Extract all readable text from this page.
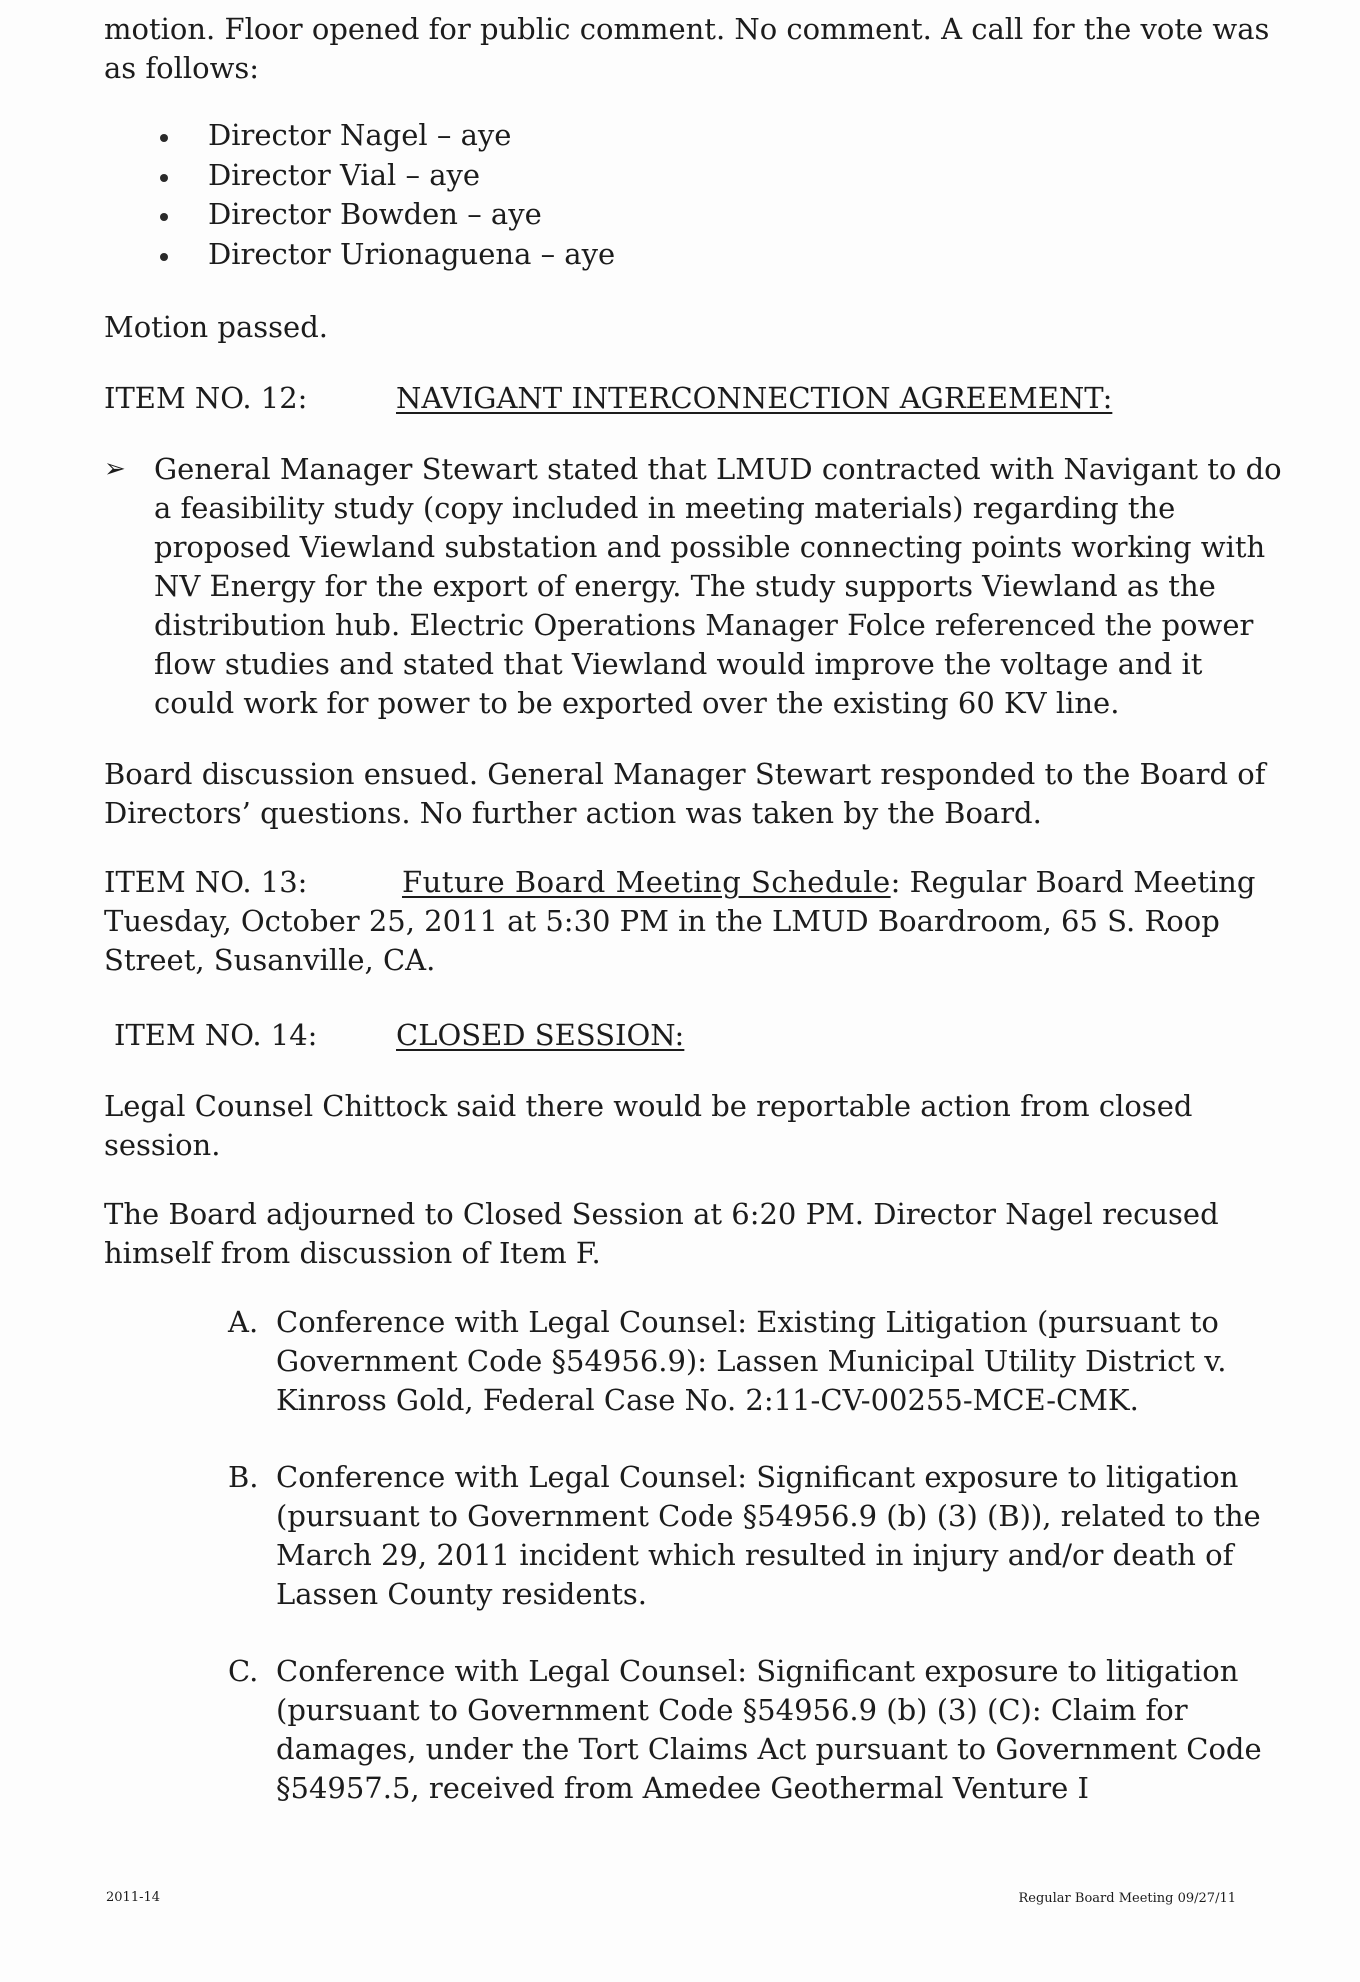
motion. Floor opened for public comment. No comment. A call for the vote was as follows:

Director Nagel – aye
Director Vial – aye
Director Bowden – aye
Director Urionaguena – aye

Motion passed.

ITEM NO. 12:	NAVIGANT INTERCONNECTION AGREEMENT:
➢ General Manager Stewart stated that LMUD contracted with Navigant to do a feasibility study (copy included in meeting materials) regarding the proposed Viewland substation and possible connecting points working with NV Energy for the export of energy. The study supports Viewland as the distribution hub. Electric Operations Manager Folce referenced the power flow studies and stated that Viewland would improve the voltage and it could work for power to be exported over the existing 60 KV line.

Board discussion ensued. General Manager Stewart responded to the Board of Directors’ questions. No further action was taken by the Board.

ITEM NO. 13:	Future Board Meeting Schedule: Regular Board Meeting Tuesday, October 25, 2011 at 5:30 PM in the LMUD Boardroom, 65 S. Roop Street, Susanville, CA.

ITEM NO. 14:	CLOSED SESSION:

Legal Counsel Chittock said there would be reportable action from closed session.

The Board adjourned to Closed Session at 6:20 PM. Director Nagel recused himself from discussion of Item F.

A. Conference with Legal Counsel: Existing Litigation (pursuant to Government Code §54956.9): Lassen Municipal Utility District v. Kinross Gold, Federal Case No. 2:11-CV-00255-MCE-CMK.
B. Conference with Legal Counsel: Significant exposure to litigation (pursuant to Government Code §54956.9 (b) (3) (B)), related to the March 29, 2011 incident which resulted in injury and/or death of Lassen County residents.
C. Conference with Legal Counsel: Significant exposure to litigation (pursuant to Government Code §54956.9 (b) (3) (C): Claim for damages, under the Tort Claims Act pursuant to Government Code §54957.5, received from Amedee Geothermal Venture I
2011-14	Regular Board Meeting 09/27/11
